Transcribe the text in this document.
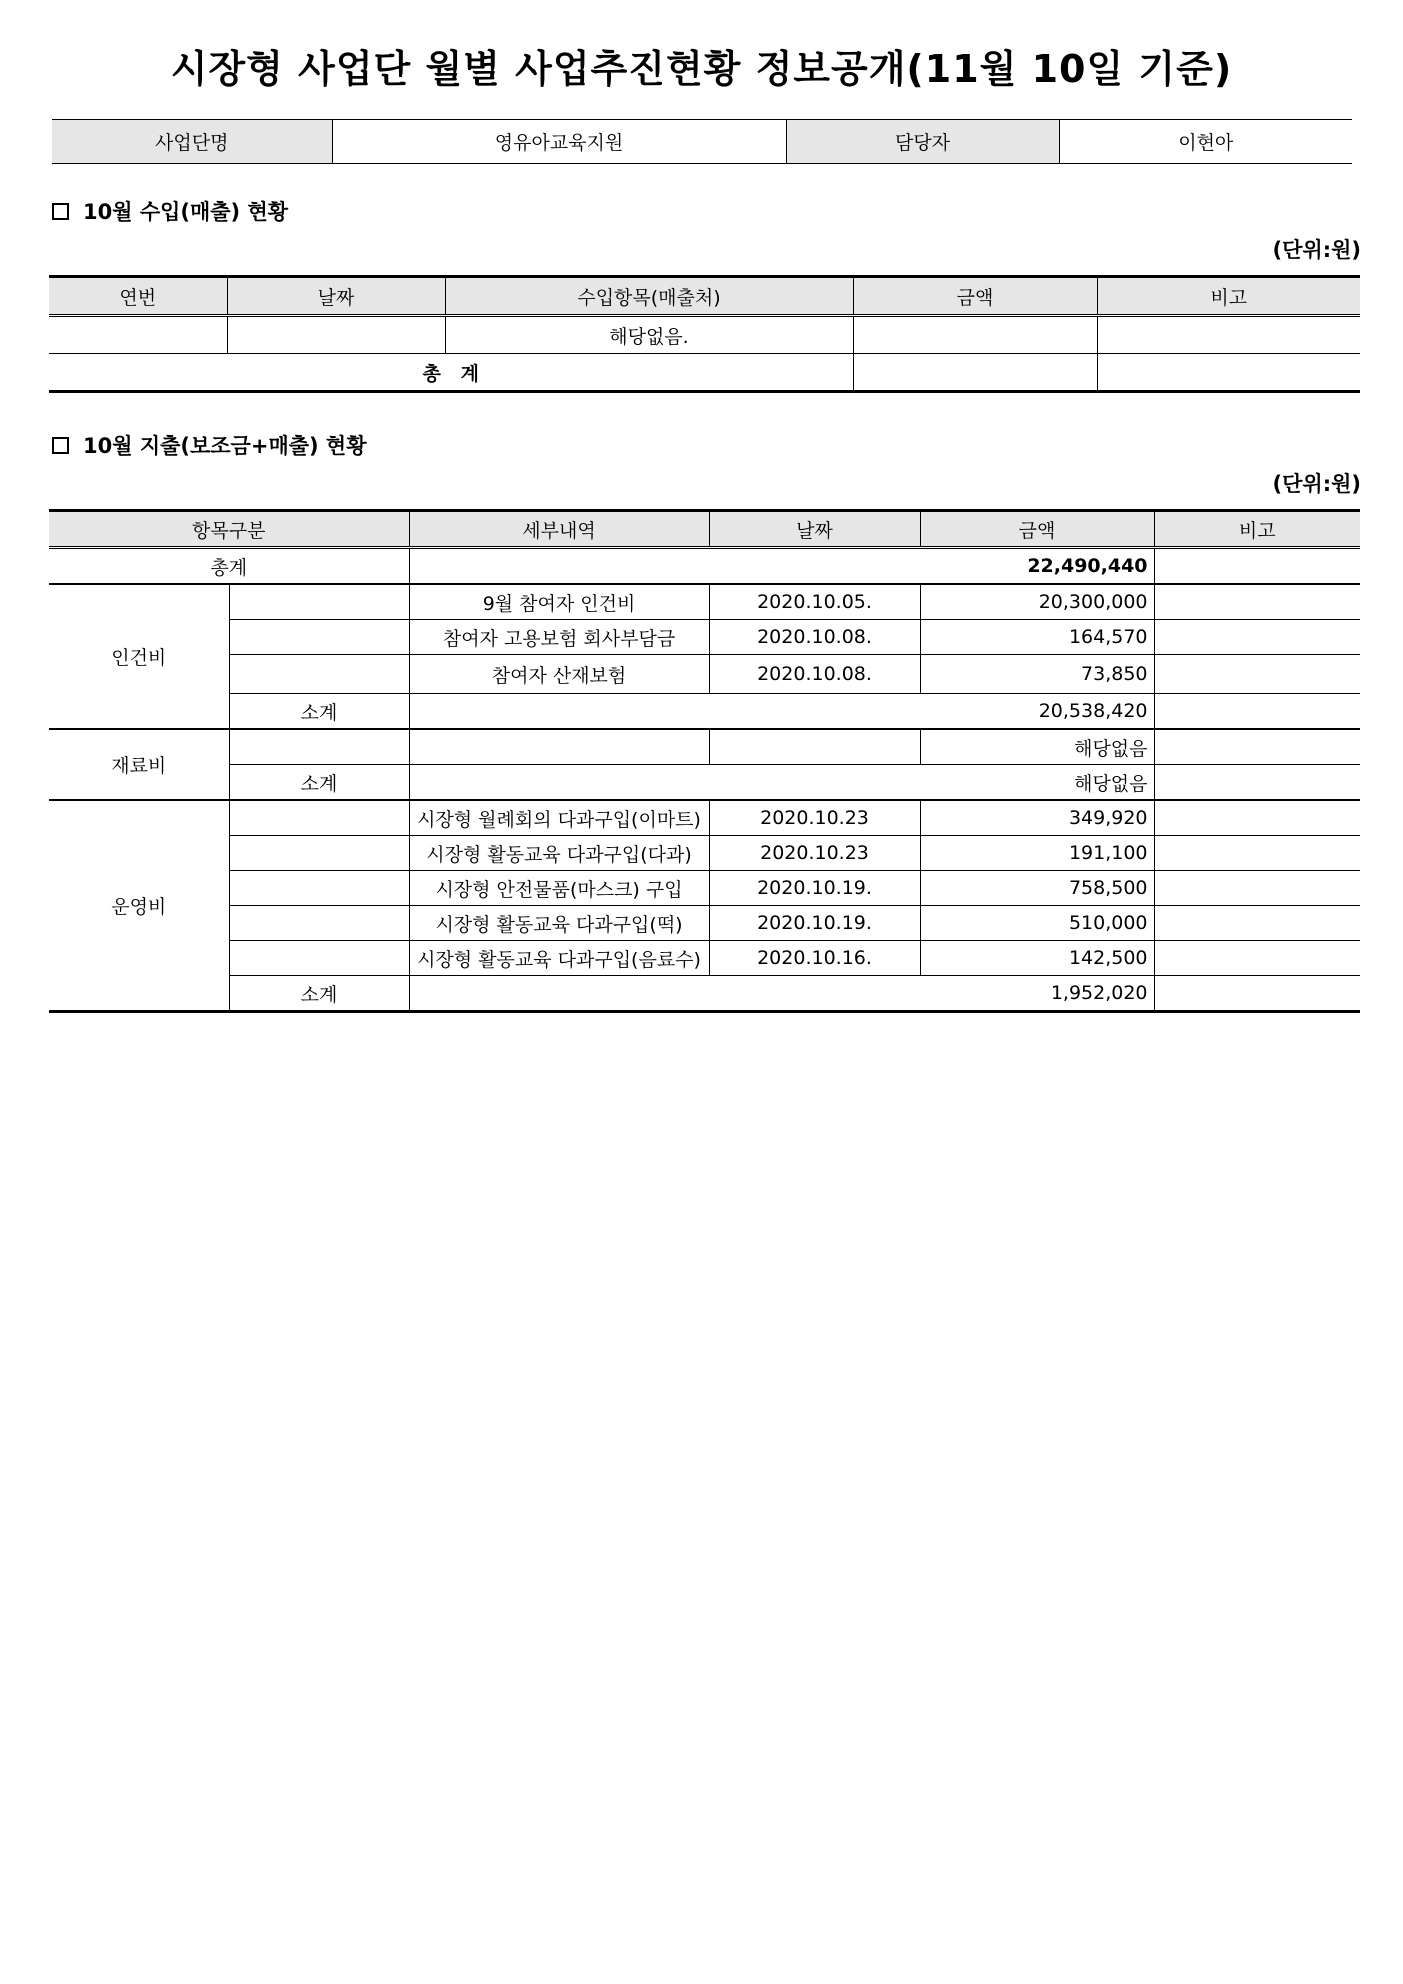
시장형 사업단 월별 사업추진현황 정보공개(11월 10일 기준)
사업단명	영유아교육지원	담당자	이현아
10월 수입(매출) 현황
(단위:원)
연번	날짜	수입항목(매출처)	금액	비고
		해당없음.		
총   계				
10월 지출(보조금+매출) 현황
(단위:원)
항목구분		세부내역	날짜	금액	비고
총계		22,490,440			
인건비		9월 참여자 인건비	2020.10.05.	20,300,000	
		참여자 고용보험 회사부담금	2020.10.08.	164,570	
		참여자 산재보험	2020.10.08.	73,850	
	소계	20,538,420			
재료비				해당없음	
	소계	해당없음			
운영비		시장형 월례회의 다과구입(이마트)	2020.10.23	349,920	
		시장형 활동교육 다과구입(다과)	2020.10.23	191,100	
		시장형 안전물품(마스크) 구입	2020.10.19.	758,500	
		시장형 활동교육 다과구입(떡)	2020.10.19.	510,000	
		시장형 활동교육 다과구입(음료수)	2020.10.16.	142,500	
	소계	1,952,020			
